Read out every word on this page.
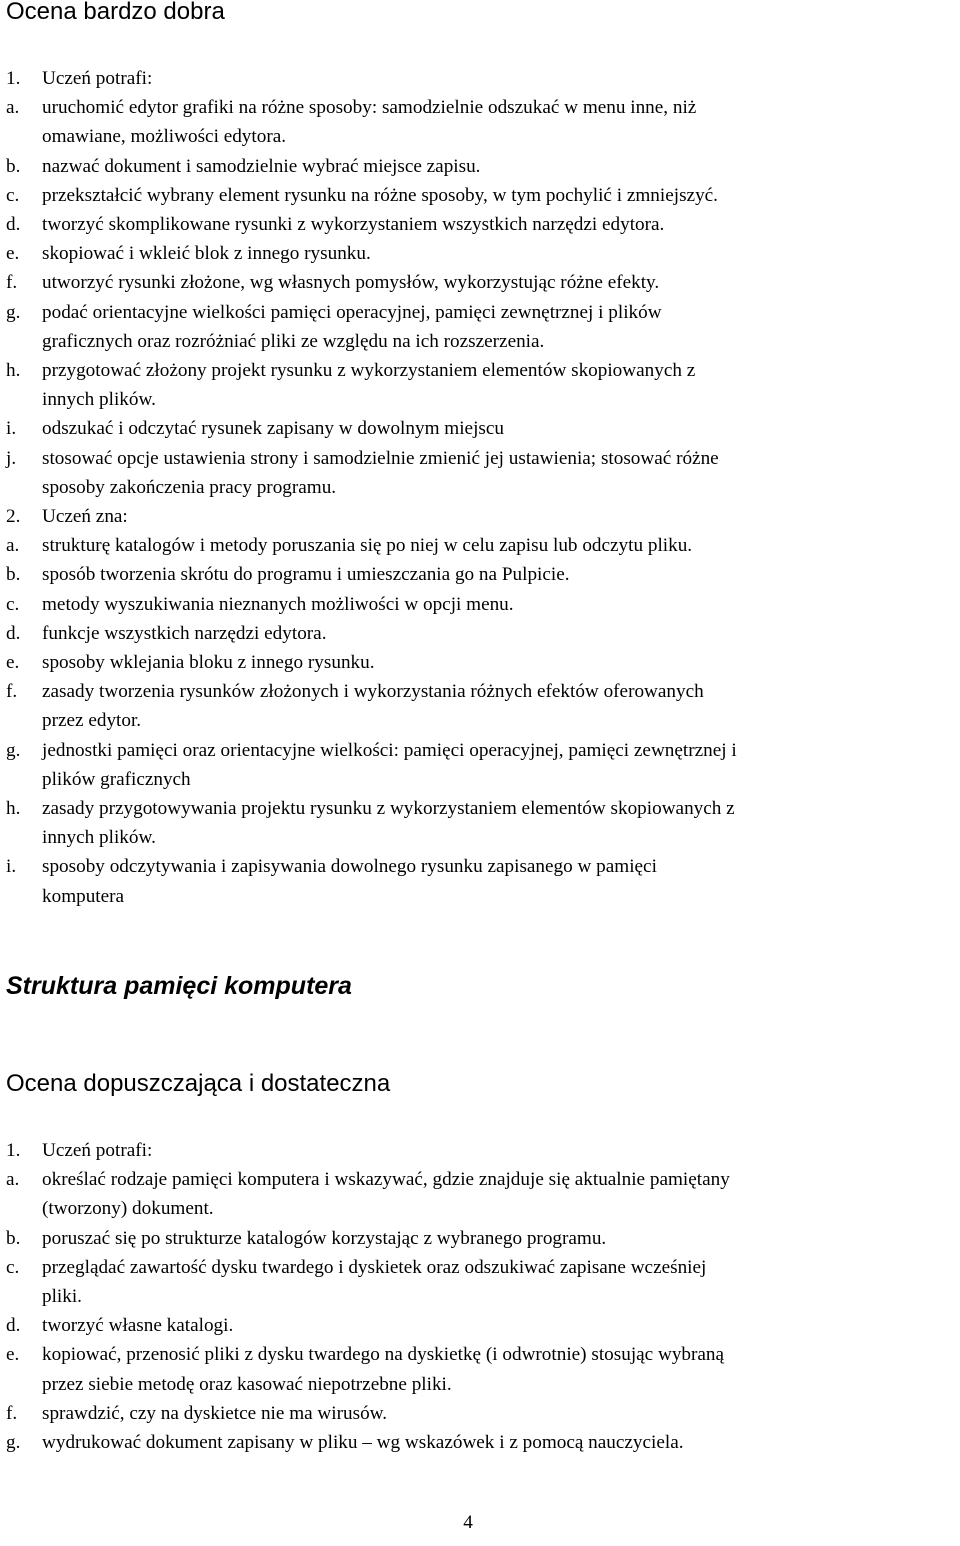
Ocena bardzo dobra
1. Uczeń potrafi:
a. uruchomić edytor grafiki na różne sposoby: samodzielnie odszukać w menu inne, niż
omawiane, możliwości edytora.
b. nazwać dokument i samodzielnie wybrać miejsce zapisu.
c. przekształcić wybrany element rysunku na różne sposoby, w tym pochylić i zmniejszyć.
d. tworzyć skomplikowane rysunki z wykorzystaniem wszystkich narzędzi edytora.
e. skopiować i wkleić blok z innego rysunku.
f. utworzyć rysunki złożone, wg własnych pomysłów, wykorzystując różne efekty.
g. podać orientacyjne wielkości pamięci operacyjnej, pamięci zewnętrznej i plików
graficznych oraz rozróżniać pliki ze względu na ich rozszerzenia.
h. przygotować złożony projekt rysunku z wykorzystaniem elementów skopiowanych z
innych plików.
i. odszukać i odczytać rysunek zapisany w dowolnym miejscu
j. stosować opcje ustawienia strony i samodzielnie zmienić jej ustawienia; stosować różne
sposoby zakończenia pracy programu.
2. Uczeń zna:
a. strukturę katalogów i metody poruszania się po niej w celu zapisu lub odczytu pliku.
b. sposób tworzenia skrótu do programu i umieszczania go na Pulpicie.
c. metody wyszukiwania nieznanych możliwości w opcji menu.
d. funkcje wszystkich narzędzi edytora.
e. sposoby wklejania bloku z innego rysunku.
f. zasady tworzenia rysunków złożonych i wykorzystania różnych efektów oferowanych
przez edytor.
g. jednostki pamięci oraz orientacyjne wielkości: pamięci operacyjnej, pamięci zewnętrznej i
plików graficznych
h. zasady przygotowywania projektu rysunku z wykorzystaniem elementów skopiowanych z
innych plików.
i. sposoby odczytywania i zapisywania dowolnego rysunku zapisanego w pamięci
komputera
Struktura pamięci komputera
Ocena dopuszczająca i dostateczna
1. Uczeń potrafi:
a. określać rodzaje pamięci komputera i wskazywać, gdzie znajduje się aktualnie pamiętany
(tworzony) dokument.
b. poruszać się po strukturze katalogów korzystając z wybranego programu.
c. przeglądać zawartość dysku twardego i dyskietek oraz odszukiwać zapisane wcześniej
pliki.
d. tworzyć własne katalogi.
e. kopiować, przenosić pliki z dysku twardego na dyskietkę (i odwrotnie) stosując wybraną
przez siebie metodę oraz kasować niepotrzebne pliki.
f. sprawdzić, czy na dyskietce nie ma wirusów.
g. wydrukować dokument zapisany w pliku – wg wskazówek i z pomocą nauczyciela.
4
